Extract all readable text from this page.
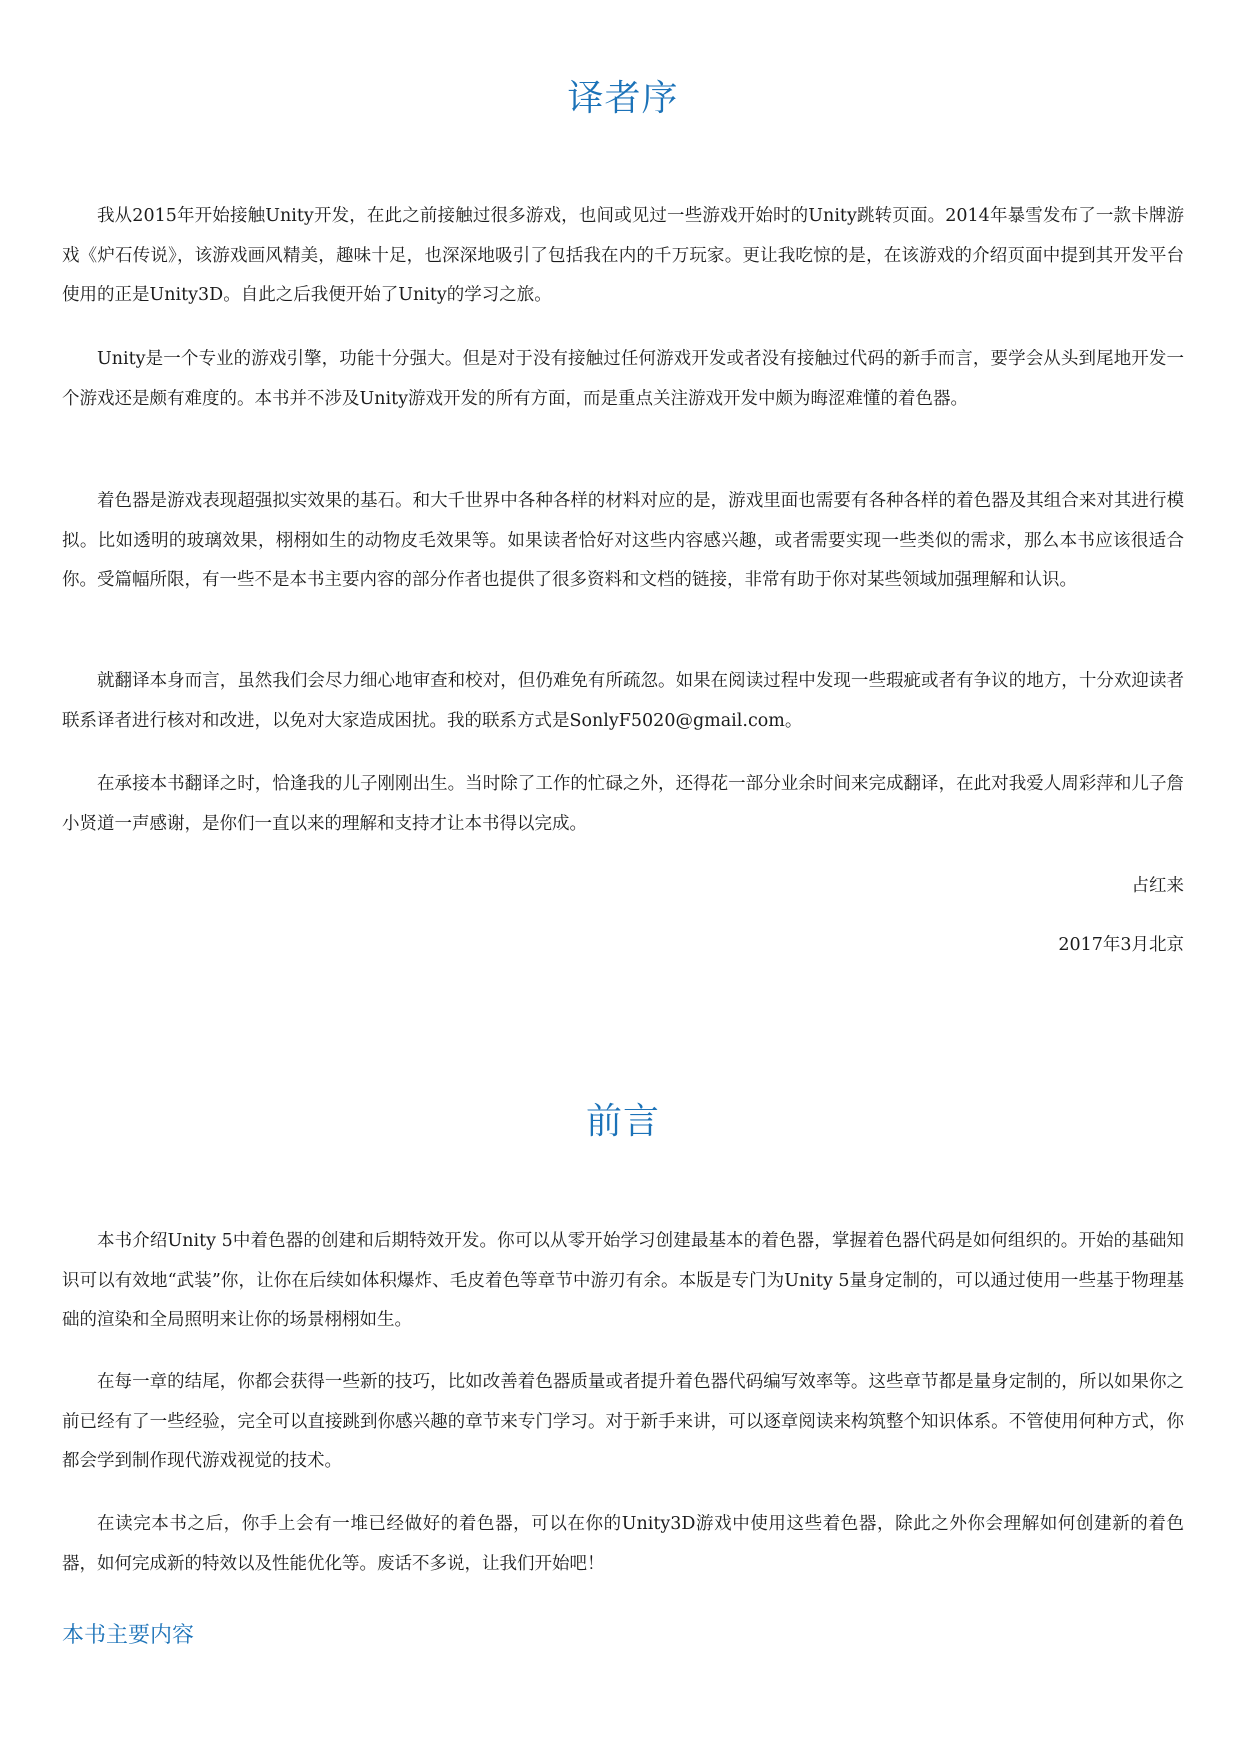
译者序

我从2015年开始接触Unity开发，在此之前接触过很多游戏，也间或见过一些游戏开始时的Unity跳转页面。2014年暴雪发布了一款卡牌游戏《炉石传说》，该游戏画风精美，趣味十足，也深深地吸引了包括我在内的千万玩家。更让我吃惊的是，在该游戏的介绍页面中提到其开发平台使用的正是Unity3D。自此之后我便开始了Unity的学习之旅。

Unity是一个专业的游戏引擎，功能十分强大。但是对于没有接触过任何游戏开发或者没有接触过代码的新手而言，要学会从头到尾地开发一个游戏还是颇有难度的。本书并不涉及Unity游戏开发的所有方面，而是重点关注游戏开发中颇为晦涩难懂的着色器。

着色器是游戏表现超强拟实效果的基石。和大千世界中各种各样的材料对应的是，游戏里面也需要有各种各样的着色器及其组合来对其进行模拟。比如透明的玻璃效果，栩栩如生的动物皮毛效果等。如果读者恰好对这些内容感兴趣，或者需要实现一些类似的需求，那么本书应该很适合你。受篇幅所限，有一些不是本书主要内容的部分作者也提供了很多资料和文档的链接，非常有助于你对某些领域加强理解和认识。

就翻译本身而言，虽然我们会尽力细心地审查和校对，但仍难免有所疏忽。如果在阅读过程中发现一些瑕疵或者有争议的地方，十分欢迎读者联系译者进行核对和改进，以免对大家造成困扰。我的联系方式是SonlyF5020@gmail.com。

在承接本书翻译之时，恰逢我的儿子刚刚出生。当时除了工作的忙碌之外，还得花一部分业余时间来完成翻译，在此对我爱人周彩萍和儿子詹小贤道一声感谢，是你们一直以来的理解和支持才让本书得以完成。

占红来
2017年3月北京
前言

本书介绍Unity 5中着色器的创建和后期特效开发。你可以从零开始学习创建最基本的着色器，掌握着色器代码是如何组织的。开始的基础知识可以有效地“武装”你，让你在后续如体积爆炸、毛皮着色等章节中游刃有余。本版是专门为Unity 5量身定制的，可以通过使用一些基于物理基础的渲染和全局照明来让你的场景栩栩如生。

在每一章的结尾，你都会获得一些新的技巧，比如改善着色器质量或者提升着色器代码编写效率等。这些章节都是量身定制的，所以如果你之前已经有了一些经验，完全可以直接跳到你感兴趣的章节来专门学习。对于新手来讲，可以逐章阅读来构筑整个知识体系。不管使用何种方式，你都会学到制作现代游戏视觉的技术。

在读完本书之后，你手上会有一堆已经做好的着色器，可以在你的Unity3D游戏中使用这些着色器，除此之外你会理解如何创建新的着色器，如何完成新的特效以及性能优化等。废话不多说，让我们开始吧！

本书主要内容
